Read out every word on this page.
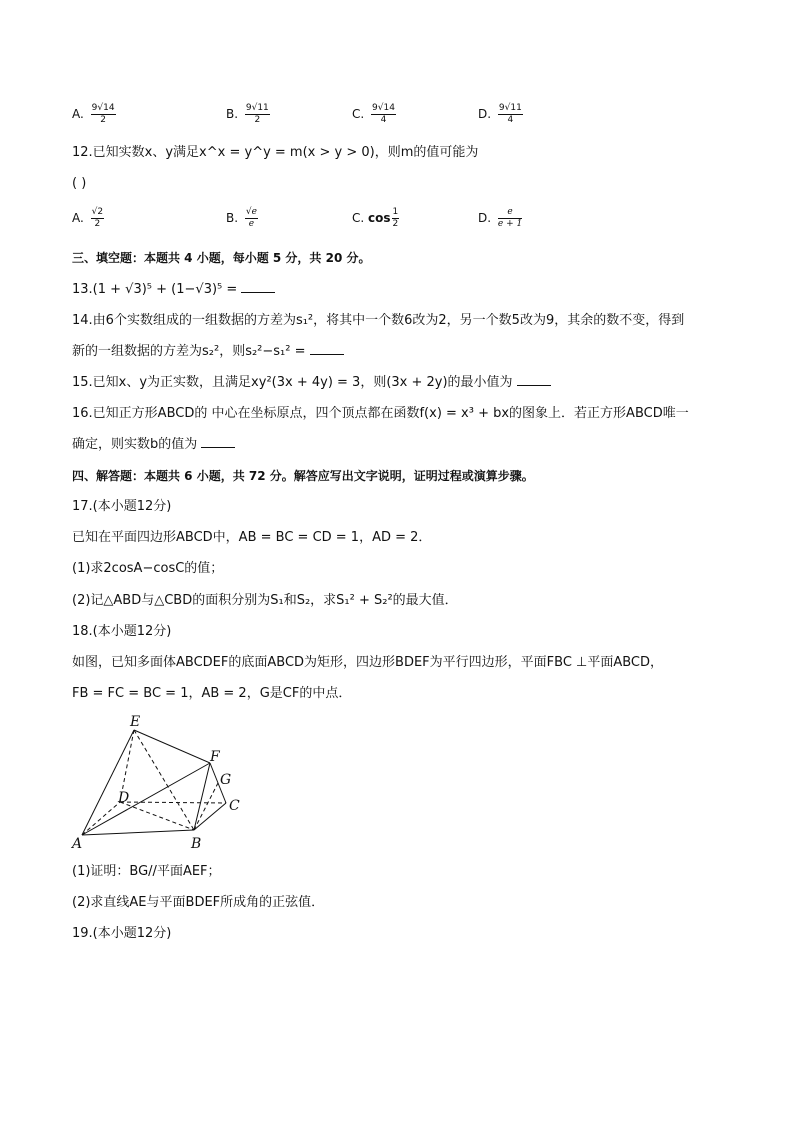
A. $\frac{9√14}{2}$	B. $\frac{9√11}{2}$	C. $\frac{9√14}{4}$	D. $\frac{9√11}{4}$
12.已知实数x、y满足x^x = y^y = m(x > y > 0)，则m的值可能为
( )
A. $\frac{√2}{2}$	B. $\frac{√e}{e}$	C. $\cos \frac{1}{2}$	D. $\frac{e}{e + 1}$
三、填空题：本题共 4 小题，每小题 5 分，共 20 分。
13.(1 + √3)⁵ + (1−√3)⁵ =
14.由6个实数组成的一组数据的方差为s₁²，将其中一个数6改为2，另一个数5改为9，其余的数不变，得到
新的一组数据的方差为s₂²，则s₂²−s₁² =
15.已知x、y为正实数，且满足xy²(3x + 4y) = 3，则(3x + 2y)的最小值为
16.已知正方形ABCD的 中心在坐标原点，四个顶点都在函数f(x) = x³ + bx的图象上．若正方形ABCD唯一
确定，则实数b的值为
四、解答题：本题共 6 小题，共 72 分。解答应写出文字说明，证明过程或演算步骤。
17.(本小题12分)
已知在平面四边形ABCD中，AB = BC = CD = 1，AD = 2．
(1)求2cosA−cosC的值；
(2)记△ABD与△CBD的面积分别为S₁和S₂，求S₁² + S₂²的最大值．
18.(本小题12分)
如图，已知多面体ABCDEF的底面ABCD为矩形，四边形BDEF为平行四边形，平面FBC ⊥平面ABCD，
FB = FC = BC = 1，AB = 2，G是CF的中点．
E
F
G
D	C
A	B
(1)证明：BG//平面AEF；
(2)求直线AE与平面BDEF所成角的正弦值．
19.(本小题12分)
